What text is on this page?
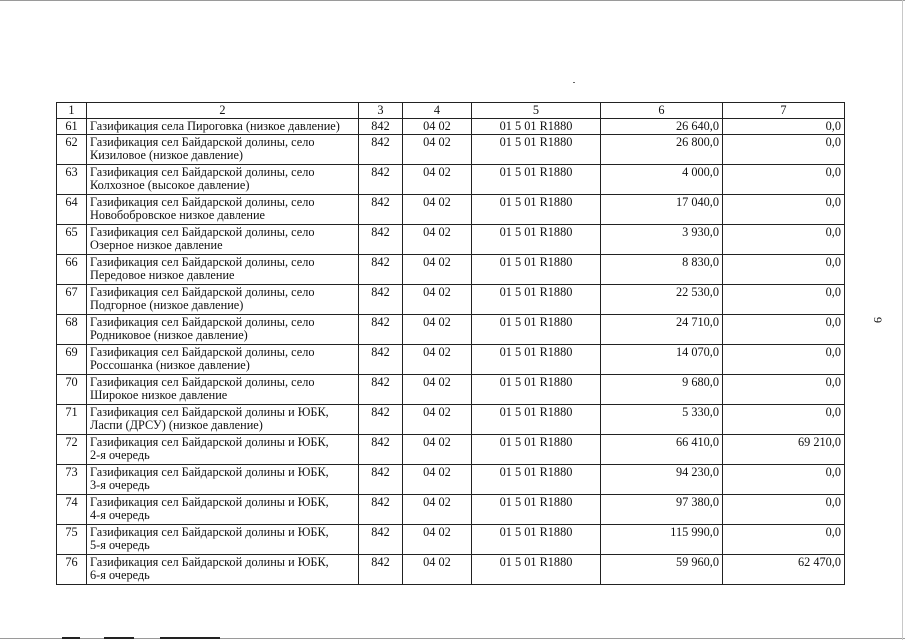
9
1	2	3	4	5	6	7
61	Газификация села Пироговка (низкое давление)	842	04 02	01 5 01 R1880	26 640,0	0,0
62	Газификация сел Байдарской долины, село
Кизиловое (низкое давление)	842	04 02	01 5 01 R1880	26 800,0	0,0
63	Газификация сел Байдарской долины, село
Колхозное (высокое давление)	842	04 02	01 5 01 R1880	4 000,0	0,0
64	Газификация сел Байдарской долины, село
Новобобровское низкое давление	842	04 02	01 5 01 R1880	17 040,0	0,0
65	Газификация сел Байдарской долины, село
Озерное низкое давление	842	04 02	01 5 01 R1880	3 930,0	0,0
66	Газификация сел Байдарской долины, село
Передовое низкое давление	842	04 02	01 5 01 R1880	8 830,0	0,0
67	Газификация сел Байдарской долины, село
Подгорное (низкое давление)	842	04 02	01 5 01 R1880	22 530,0	0,0
68	Газификация сел Байдарской долины, село
Родниковое (низкое давление)	842	04 02	01 5 01 R1880	24 710,0	0,0
69	Газификация сел Байдарской долины, село
Россошанка (низкое давление)	842	04 02	01 5 01 R1880	14 070,0	0,0
70	Газификация сел Байдарской долины, село
Широкое низкое давление	842	04 02	01 5 01 R1880	9 680,0	0,0
71	Газификация сел Байдарской долины и ЮБК,
Ласпи (ДРСУ) (низкое давление)	842	04 02	01 5 01 R1880	5 330,0	0,0
72	Газификация сел Байдарской долины и ЮБК,
2-я очередь	842	04 02	01 5 01 R1880	66 410,0	69 210,0
73	Газификация сел Байдарской долины и ЮБК,
3-я очередь	842	04 02	01 5 01 R1880	94 230,0	0,0
74	Газификация сел Байдарской долины и ЮБК,
4-я очередь	842	04 02	01 5 01 R1880	97 380,0	0,0
75	Газификация сел Байдарской долины и ЮБК,
5-я очередь	842	04 02	01 5 01 R1880	115 990,0	0,0
76	Газификация сел Байдарской долины и ЮБК,
6-я очередь	842	04 02	01 5 01 R1880	59 960,0	62 470,0
